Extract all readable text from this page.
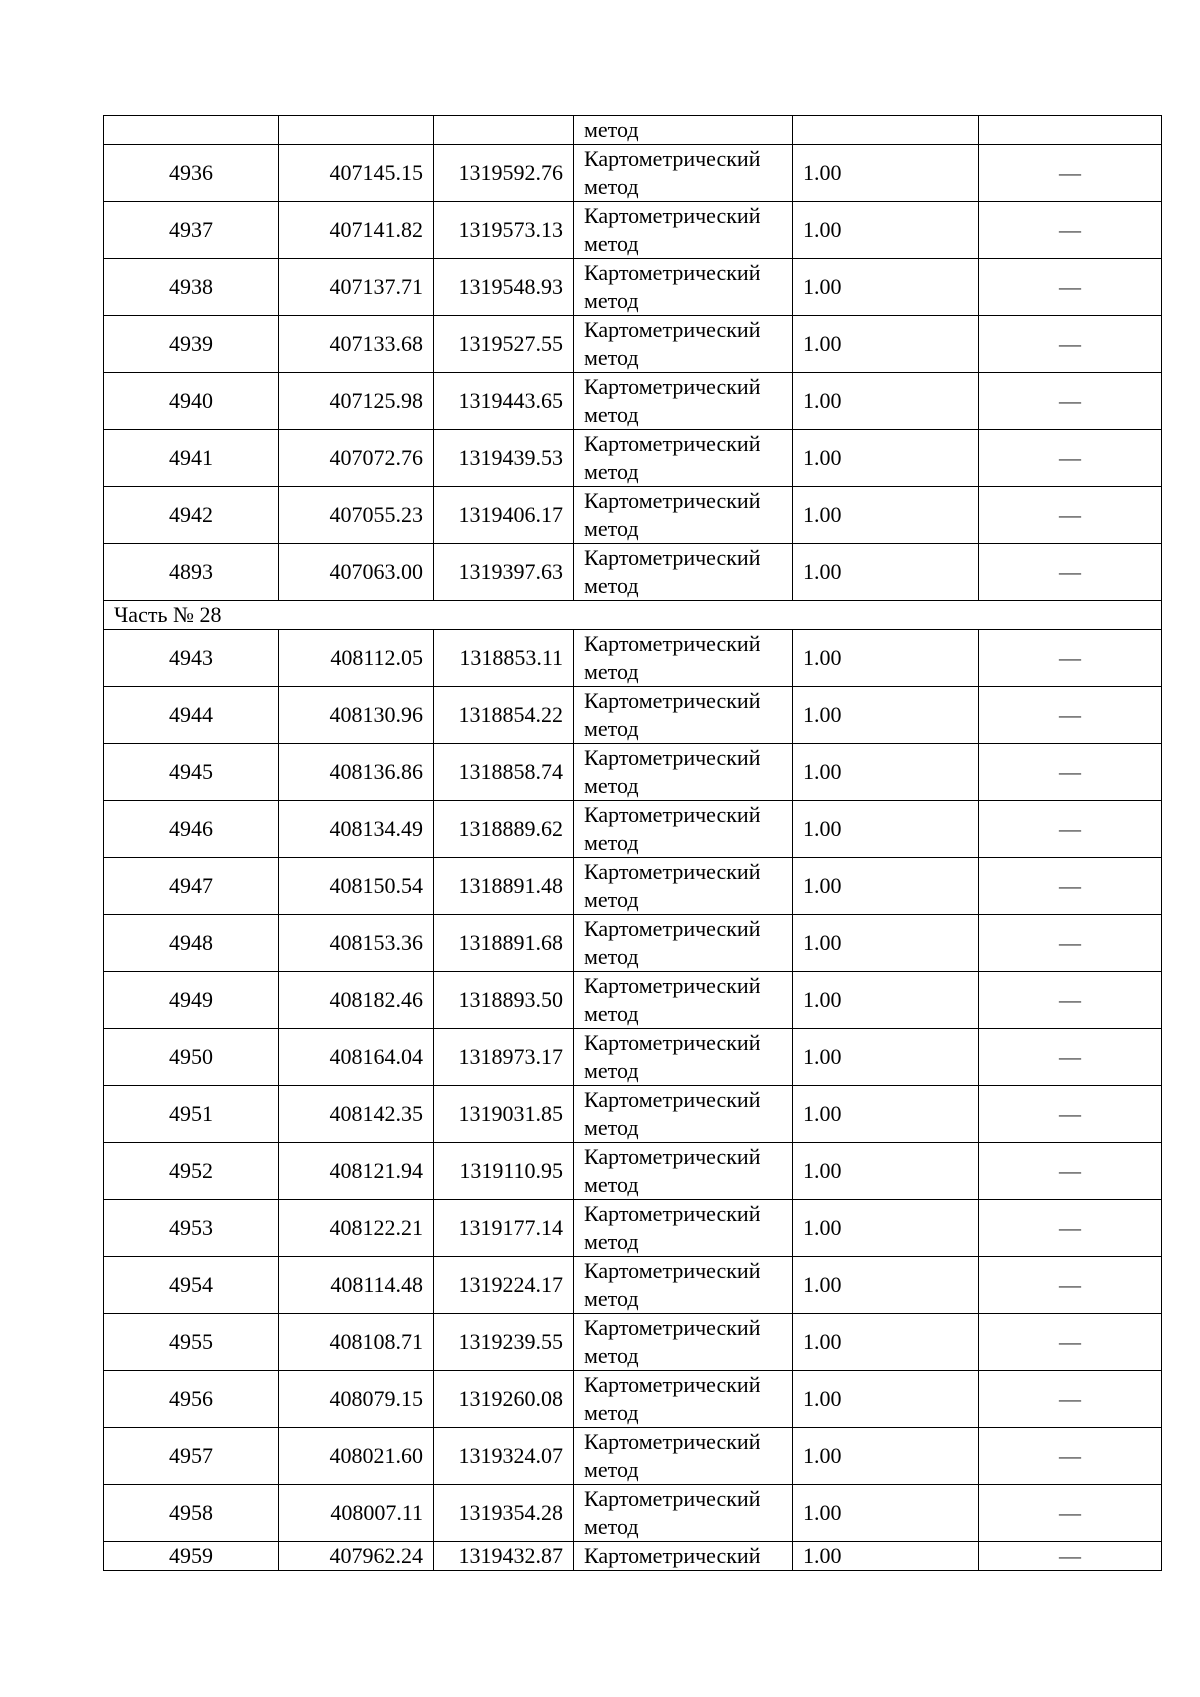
			метод		

4936	407145.15	1319592.76	Картометрический
метод	1.00	—
4937	407141.82	1319573.13	Картометрический
метод	1.00	—
4938	407137.71	1319548.93	Картометрический
метод	1.00	—
4939	407133.68	1319527.55	Картометрический
метод	1.00	—
4940	407125.98	1319443.65	Картометрический
метод	1.00	—
4941	407072.76	1319439.53	Картометрический
метод	1.00	—
4942	407055.23	1319406.17	Картометрический
метод	1.00	—
4893	407063.00	1319397.63	Картометрический
метод	1.00	—
Часть № 28					
4943	408112.05	1318853.11	Картометрический
метод	1.00	—
4944	408130.96	1318854.22	Картометрический
метод	1.00	—
4945	408136.86	1318858.74	Картометрический
метод	1.00	—
4946	408134.49	1318889.62	Картометрический
метод	1.00	—
4947	408150.54	1318891.48	Картометрический
метод	1.00	—
4948	408153.36	1318891.68	Картометрический
метод	1.00	—
4949	408182.46	1318893.50	Картометрический
метод	1.00	—
4950	408164.04	1318973.17	Картометрический
метод	1.00	—
4951	408142.35	1319031.85	Картометрический
метод	1.00	—
4952	408121.94	1319110.95	Картометрический
метод	1.00	—
4953	408122.21	1319177.14	Картометрический
метод	1.00	—
4954	408114.48	1319224.17	Картометрический
метод	1.00	—
4955	408108.71	1319239.55	Картометрический
метод	1.00	—
4956	408079.15	1319260.08	Картометрический
метод	1.00	—
4957	408021.60	1319324.07	Картометрический
метод	1.00	—
4958	408007.11	1319354.28	Картометрический
метод	1.00	—
4959	407962.24	1319432.87	Картометрический	1.00	—
